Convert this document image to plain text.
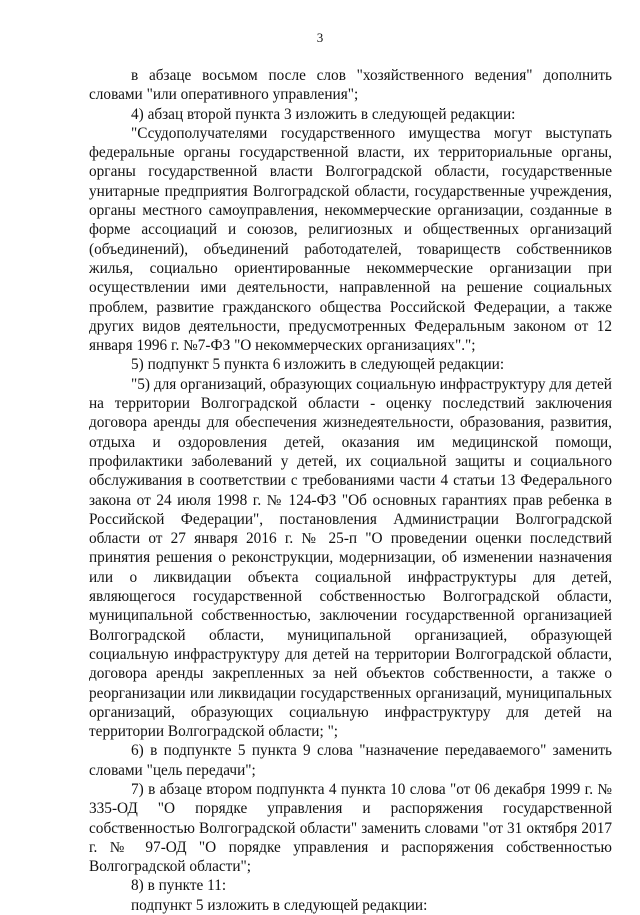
3

в абзаце восьмом после слов "хозяйственного ведения" дополнить словами "или оперативного управления";

4) абзац второй пункта 3 изложить в следующей редакции:

"Ссудополучателями государственного имущества могут выступать федеральные органы государственной власти, их территориальные органы, органы государственной власти Волгоградской области, государственные унитарные предприятия Волгоградской области, государственные учреждения, органы местного самоуправления, некоммерческие организации, созданные в форме ассоциаций и союзов, религиозных и общественных организаций (объединений), объединений работодателей, товариществ собственников жилья, социально ориентированные некоммерческие организации при осуществлении ими деятельности, направленной на решение социальных проблем, развитие гражданского общества Российской Федерации, а также других видов деятельности, предусмотренных Федеральным законом от 12 января 1996 г. №7-ФЗ "О некоммерческих организациях".";

5) подпункт 5 пункта 6 изложить в следующей редакции:

"5) для организаций, образующих социальную инфраструктуру для детей на территории Волгоградской области - оценку последствий заключения договора аренды для обеспечения жизнедеятельности, образования, развития, отдыха и оздоровления детей, оказания им медицинской помощи, профилактики заболеваний у детей, их социальной защиты и социального обслуживания в соответствии с требованиями части 4 статьи 13 Федерального закона от 24 июля 1998 г. № 124-ФЗ "Об основных гарантиях прав ребенка в Российской Федерации", постановления Администрации Волгоградской области от 27 января 2016 г. № 25-п "О проведении оценки последствий принятия решения о реконструкции, модернизации, об изменении назначения или о ликвидации объекта социальной инфраструктуры для детей, являющегося государственной собственностью Волгоградской области, муниципальной собственностью, заключении государственной организацией Волгоградской области, муниципальной организацией, образующей социальную инфраструктуру для детей на территории Волгоградской области, договора аренды закрепленных за ней объектов собственности, а также о реорганизации или ликвидации государственных организаций, муниципальных организаций, образующих социальную инфраструктуру для детей на территории Волгоградской области; ";

6) в подпункте 5 пункта 9 слова "назначение передаваемого" заменить словами "цель передачи";

7) в абзаце втором подпункта 4 пункта 10 слова "от 06 декабря 1999 г. № 335-ОД "О порядке управления и распоряжения государственной собственностью Волгоградской области" заменить словами "от 31 октября 2017 г. № 97-ОД "О порядке управления и распоряжения собственностью Волгоградской области";

8) в пункте 11:

подпункт 5 изложить в следующей редакции:
